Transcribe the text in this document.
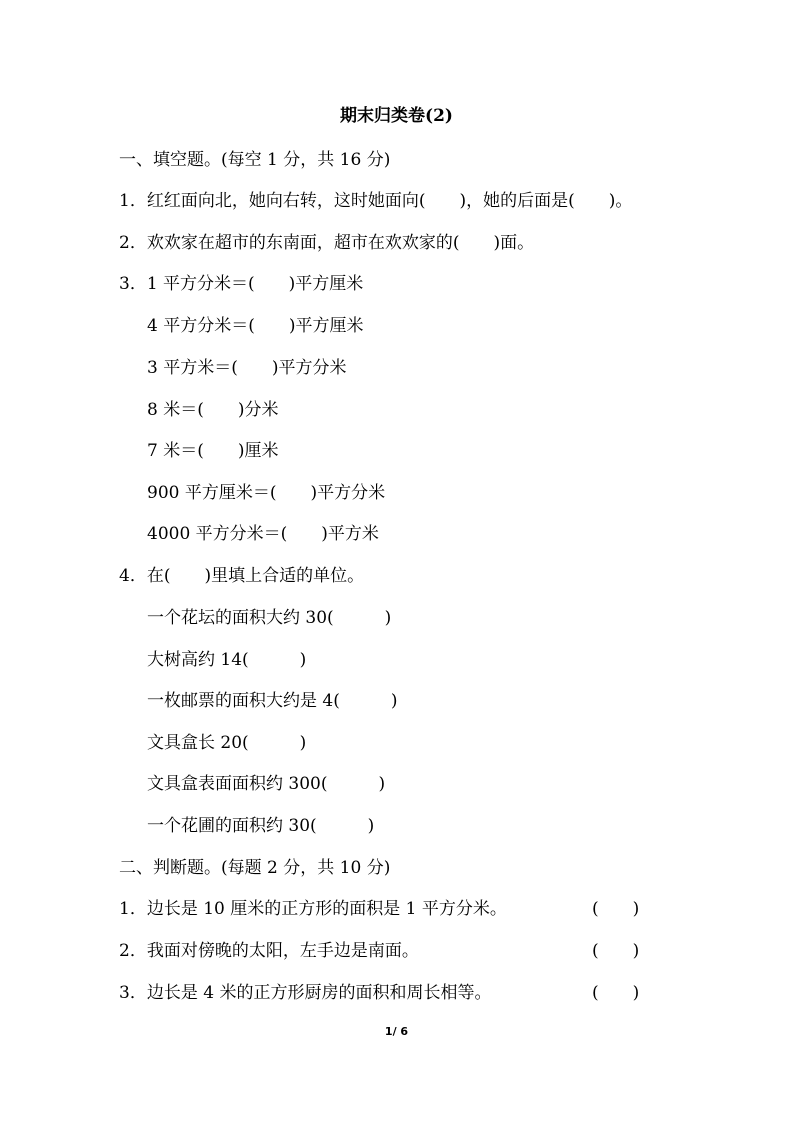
期末归类卷(2)
一、填空题。(每空 1 分，共 16 分)
1．红红面向北，她向右转，这时她面向(　　)，她的后面是(　　)。
2．欢欢家在超市的东南面，超市在欢欢家的(　　)面。
3．1 平方分米＝(　　)平方厘米
4 平方分米＝(　　)平方厘米
3 平方米＝(　　)平方分米
8 米＝(　　)分米
7 米＝(　　)厘米
900 平方厘米＝(　　)平方分米
4000 平方分米＝(　　)平方米
4．在(　　)里填上合适的单位。
一个花坛的面积大约 30(　　　)
大树高约 14(　　　)
一枚邮票的面积大约是 4(　　　)
文具盒长 20(　　　)
文具盒表面面积约 300(　　　)
一个花圃的面积约 30(　　　)
二、判断题。(每题 2 分，共 10 分)
1．边长是 10 厘米的正方形的面积是 1 平方分米。	(　　)
2．我面对傍晚的太阳，左手边是南面。	(　　)
3．边长是 4 米的正方形厨房的面积和周长相等。	(　　)
1/ 6
